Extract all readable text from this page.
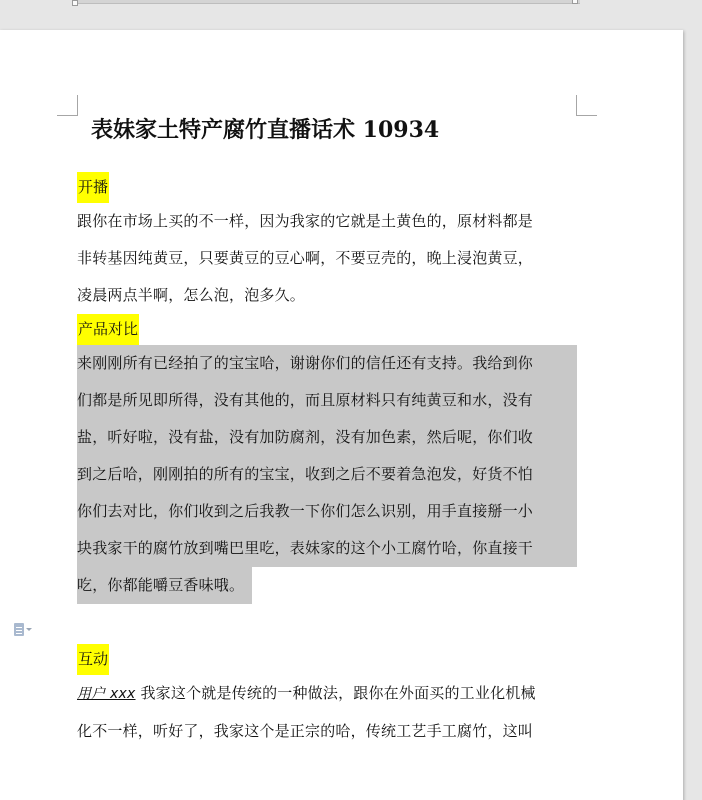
表妹家土特产腐竹直播话术 10934
开播

跟你在市场上买的不一样，因为我家的它就是土黄色的，原材料都是
非转基因纯黄豆，只要黄豆的豆心啊，不要豆壳的，晚上浸泡黄豆，
凌晨两点半啊，怎么泡，泡多久。

产品对比

来刚刚所有已经拍了的宝宝哈，谢谢你们的信任还有支持。我给到你
们都是所见即所得，没有其他的，而且原材料只有纯黄豆和水，没有
盐，听好啦，没有盐，没有加防腐剂，没有加色素，然后呢，你们收
到之后哈，刚刚拍的所有的宝宝，收到之后不要着急泡发，好货不怕
你们去对比，你们收到之后我教一下你们怎么识别，用手直接掰一小
块我家干的腐竹放到嘴巴里吃，表妹家的这个小工腐竹哈，你直接干
吃，你都能嚼豆香味哦。

互动

用户 xxx 我家这个就是传统的一种做法，跟你在外面买的工业化机械
化不一样，听好了，我家这个是正宗的哈，传统工艺手工腐竹，这叫
